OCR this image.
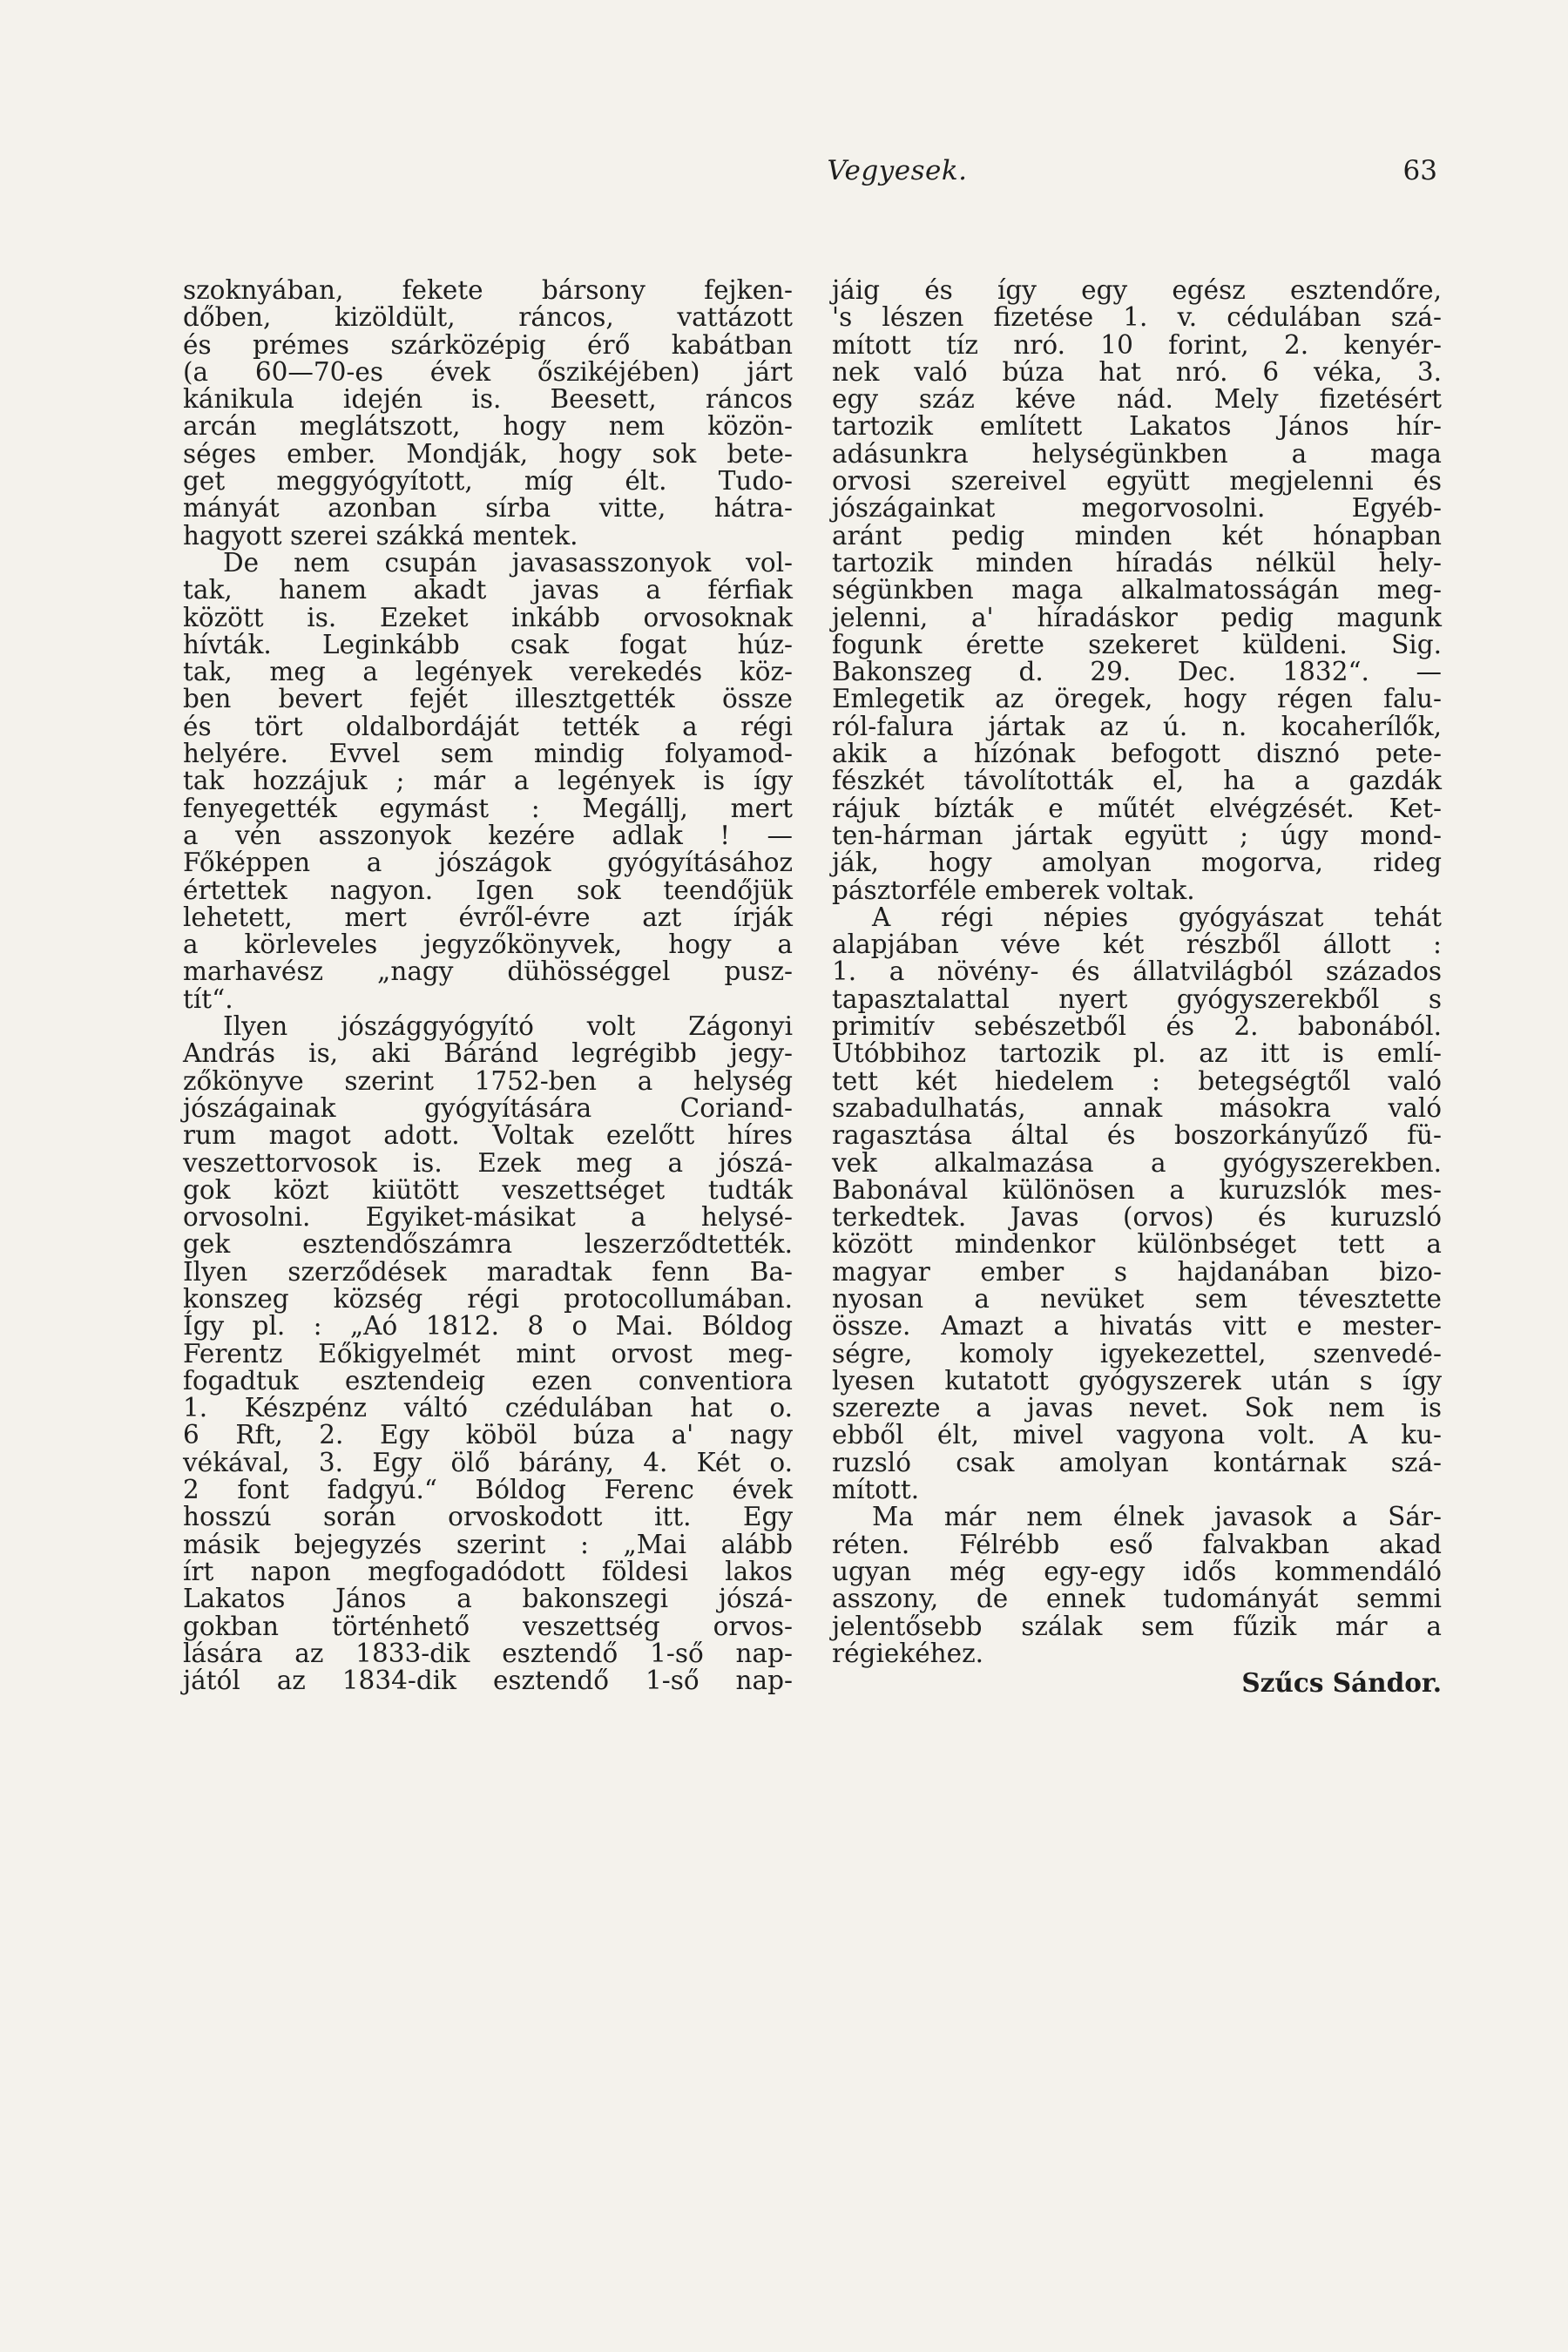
Vegyesek.	63
szoknyában, fekete bársony fejken-
dőben, kizöldült, ráncos, vattázott
és prémes szárközépig érő kabátban
(a 60—70-es évek őszikéjében) járt
kánikula idején is. Beesett, ráncos
arcán meglátszott, hogy nem közön-
séges ember. Mondják, hogy sok bete-
get meggyógyított, míg élt. Tudo-
mányát azonban sírba vitte, hátra-
hagyott szerei szákká mentek.
De nem csupán javasasszonyok vol-
tak, hanem akadt javas a férfiak
között is. Ezeket inkább orvosoknak
hívták. Leginkább csak fogat húz-
tak, meg a legények verekedés köz-
ben bevert fejét illesztgették össze
és tört oldalbordáját tették a régi
helyére. Evvel sem mindig folyamod-
tak hozzájuk ; már a legények is így
fenyegették egymást : Megállj, mert
a vén asszonyok kezére adlak ! —
Főképpen a jószágok gyógyításához
értettek nagyon. Igen sok teendőjük
lehetett, mert évről-évre azt írják
a körleveles jegyzőkönyvek, hogy a
marhavész „nagy dühösséggel pusz-
tít“.
Ilyen jószággyógyító volt Zágonyi
András is, aki Báránd legrégibb jegy-
zőkönyve szerint 1752-ben a helység
jószágainak gyógyítására Coriand-
rum magot adott. Voltak ezelőtt híres
veszettorvosok is. Ezek meg a jószá-
gok közt kiütött veszettséget tudták
orvosolni. Egyiket-másikat a helysé-
gek esztendőszámra leszerződtették.
Ilyen szerződések maradtak fenn Ba-
konszeg község régi protocollumában.
Így pl. : „Aó 1812. 8 o Mai. Bóldog
Ferentz Eőkigyelmét mint orvost meg-
fogadtuk esztendeig ezen conventiora
1. Készpénz váltó czédulában hat o.
6 Rft, 2. Egy köböl búza a' nagy
vékával, 3. Egy ölő bárány, 4. Két o.
2 font fadgyú.“ Bóldog Ferenc évek
hosszú során orvoskodott itt. Egy
másik bejegyzés szerint : „Mai alább
írt napon megfogadódott földesi lakos
Lakatos János a bakonszegi jószá-
gokban történhető veszettség orvos-
lására az 1833-dik esztendő 1-ső nap-
jától az 1834-dik esztendő 1-ső nap-
jáig és így egy egész esztendőre,
's lészen fizetése 1. v. cédulában szá-
mított tíz nró. 10 forint, 2. kenyér-
nek való búza hat nró. 6 véka, 3.
egy száz kéve nád. Mely fizetésért
tartozik említett Lakatos János hír-
adásunkra helységünkben a maga
orvosi szereivel együtt megjelenni és
jószágainkat megorvosolni. Egyéb-
aránt pedig minden két hónapban
tartozik minden híradás nélkül hely-
ségünkben maga alkalmatosságán meg-
jelenni, a' híradáskor pedig magunk
fogunk érette szekeret küldeni. Sig.
Bakonszeg d. 29. Dec. 1832“. —
Emlegetik az öregek, hogy régen falu-
ról-falura jártak az ú. n. kocaherílők,
akik a hízónak befogott disznó pete-
fészkét távolították el, ha a gazdák
rájuk bízták e műtét elvégzését. Ket-
ten-hárman jártak együtt ; úgy mond-
ják, hogy amolyan mogorva, rideg
pásztorféle emberek voltak.
A régi népies gyógyászat tehát
alapjában véve két részből állott :
1. a növény- és állatvilágból százados
tapasztalattal nyert gyógyszerekből s
primitív sebészetből és 2. babonából.
Utóbbihoz tartozik pl. az itt is emlí-
tett két hiedelem : betegségtől való
szabadulhatás, annak másokra való
ragasztása által és boszorkányűző fü-
vek alkalmazása a gyógyszerekben.
Babonával különösen a kuruzslók mes-
terkedtek. Javas (orvos) és kuruzsló
között mindenkor különbséget tett a
magyar ember s hajdanában bizo-
nyosan a nevüket sem tévesztette
össze. Amazt a hivatás vitt e mester-
ségre, komoly igyekezettel, szenvedé-
lyesen kutatott gyógyszerek után s így
szerezte a javas nevet. Sok nem is
ebből élt, mivel vagyona volt. A ku-
ruzsló csak amolyan kontárnak szá-
mított.
Ma már nem élnek javasok a Sár-
réten. Félrébb eső falvakban akad
ugyan még egy-egy idős kommendáló
asszony, de ennek tudományát semmi
jelentősebb szálak sem fűzik már a
régiekéhez.
Szűcs Sándor.
